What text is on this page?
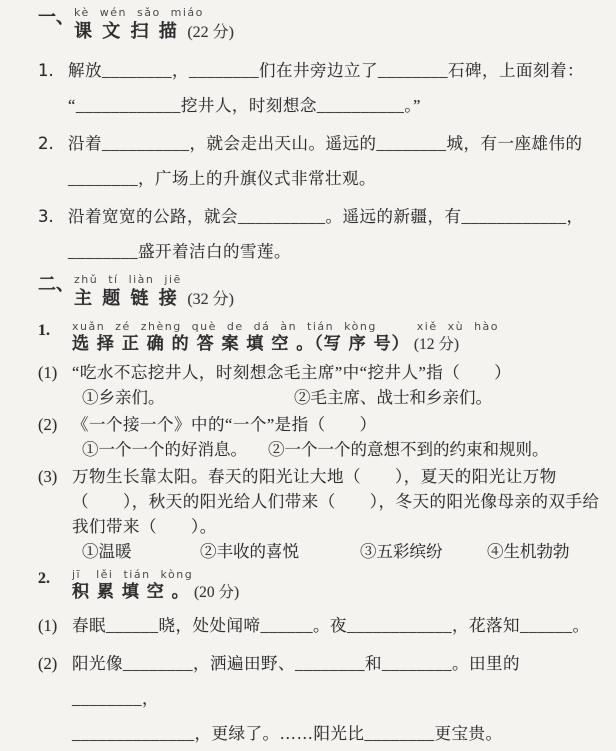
一、 kè  wén  sǎo  miáo
课 文 扫 描 (22 分)
1. 解放________，________们在井旁边立了________石碑，上面刻着：
“____________挖井人，时刻想念__________。”
2. 沿着__________，就会走出天山。遥远的________城，有一座雄伟的
________，广场上的升旗仪式非常壮观。
3. 沿着宽宽的公路，就会__________。遥远的新疆，有____________，
________盛开着洁白的雪莲。
二、 zhǔ  tí  liàn  jiē
主 题 链 接 (32 分)
1.	xuǎn  zé  zhèng  què  de  dá  àn  tián  kòng        xiě  xù  hào
选 择 正 确 的 答 案 填 空 。（写 序 号） (12 分)
(1) “吃水不忘挖井人，时刻想念毛主席”中“挖井人”指（　　）
①乡亲们。	②毛主席、战士和乡亲们。
(2) 《一个接一个》中的“一个”是指（　　）
①一个一个的好消息。	②一个一个的意想不到的约束和规则。
(3) 万物生长靠太阳。春天的阳光让大地（　　），夏天的阳光让万物
（　　），秋天的阳光给人们带来（　　），冬天的阳光像母亲的双手给
我们带来（　　）。
①温暖	②丰收的喜悦	③五彩缤纷	④生机勃勃
2.	jī   lěi  tián  kòng
积 累 填 空 。 (20 分)
(1) 春眠______晓，处处闻啼______。夜____________，花落知______。
(2) 阳光像________，洒遍田野、________和________。田里的________，
______________，更绿了。……阳光比________更宝贵。
